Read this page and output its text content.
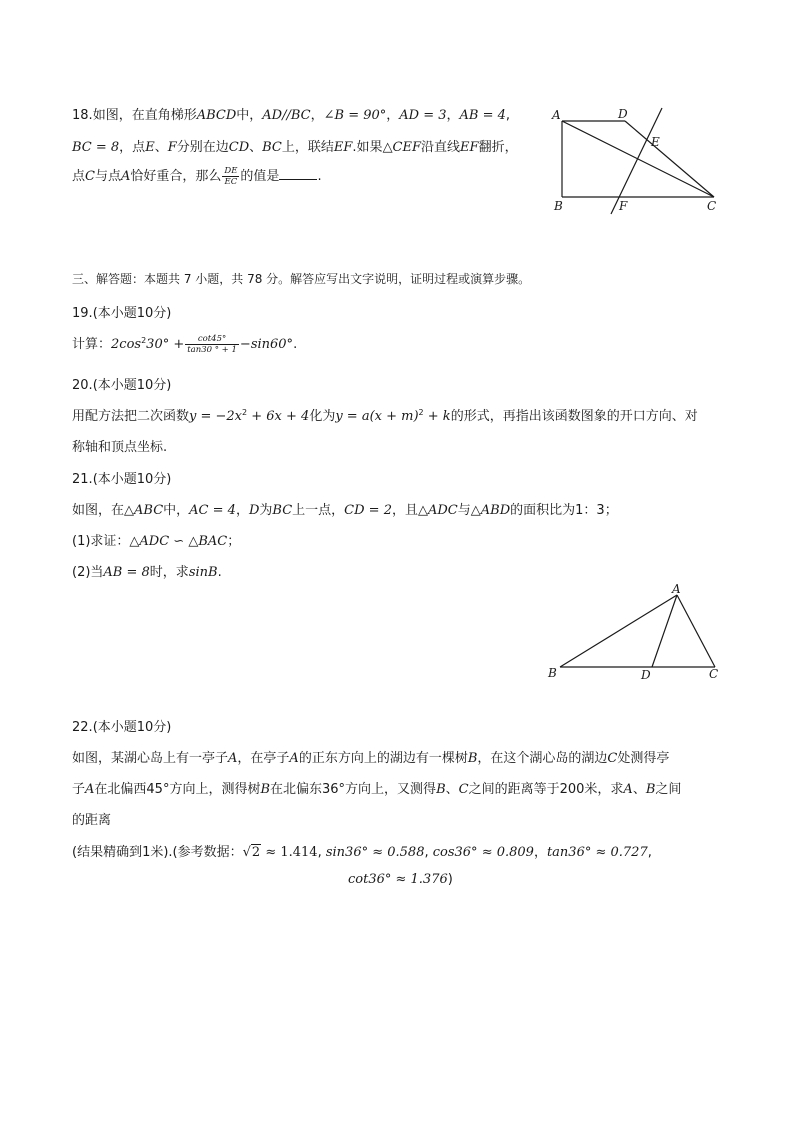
18.如图，在直角梯形ABCD中，AD//BC，∠B = 90°，AD = 3，AB = 4,
BC = 8，点E、F分别在边CD、BC上，联结EF.如果△CEF沿直线EF翻折，
点C与点A恰好重合，那么 $\frac{DE}{EC}$ 的值是	.
A	D
E
B	F	C
三、解答题：本题共 7 小题，共 78 分。解答应写出文字说明，证明过程或演算步骤。
19.(本小题10分)
计算：$2\cos^230^\circ + \frac{\cot 45^\circ}{\tan 30 ^\circ + 1} -\sin 60^\circ$.
20.(本小题10分)
用配方法把二次函数$y = -2x^2 + 6x + 4$化为$y = a(x + m)^2 + k$的形式，再指出该函数图象的开口方向、对
称轴和顶点坐标.
21.(本小题10分)
如图，在△ABC中，AC = 4，D为BC上一点，CD = 2，且△ADC与△ABD的面积比为1：3；
(1)求证：△ADC ∽ △BAC；
(2)当AB = 8时，求sinB.
A
B	D	C
22.(本小题10分)
如图，某湖心岛上有一亭子A，在亭子A的正东方向上的湖边有一棵树B，在这个湖心岛的湖边C处测得亭
子A在北偏西45°方向上，测得树B在北偏东36°方向上，又测得B、C之间的距离等于200米，求A、B之间
的距离
(结果精确到1米).(参考数据：√2 ≈ 1.414, sin36° ≈ 0.588, cos36° ≈ 0.809，tan36° ≈ 0.727,
cot36° ≈ 1.376)
